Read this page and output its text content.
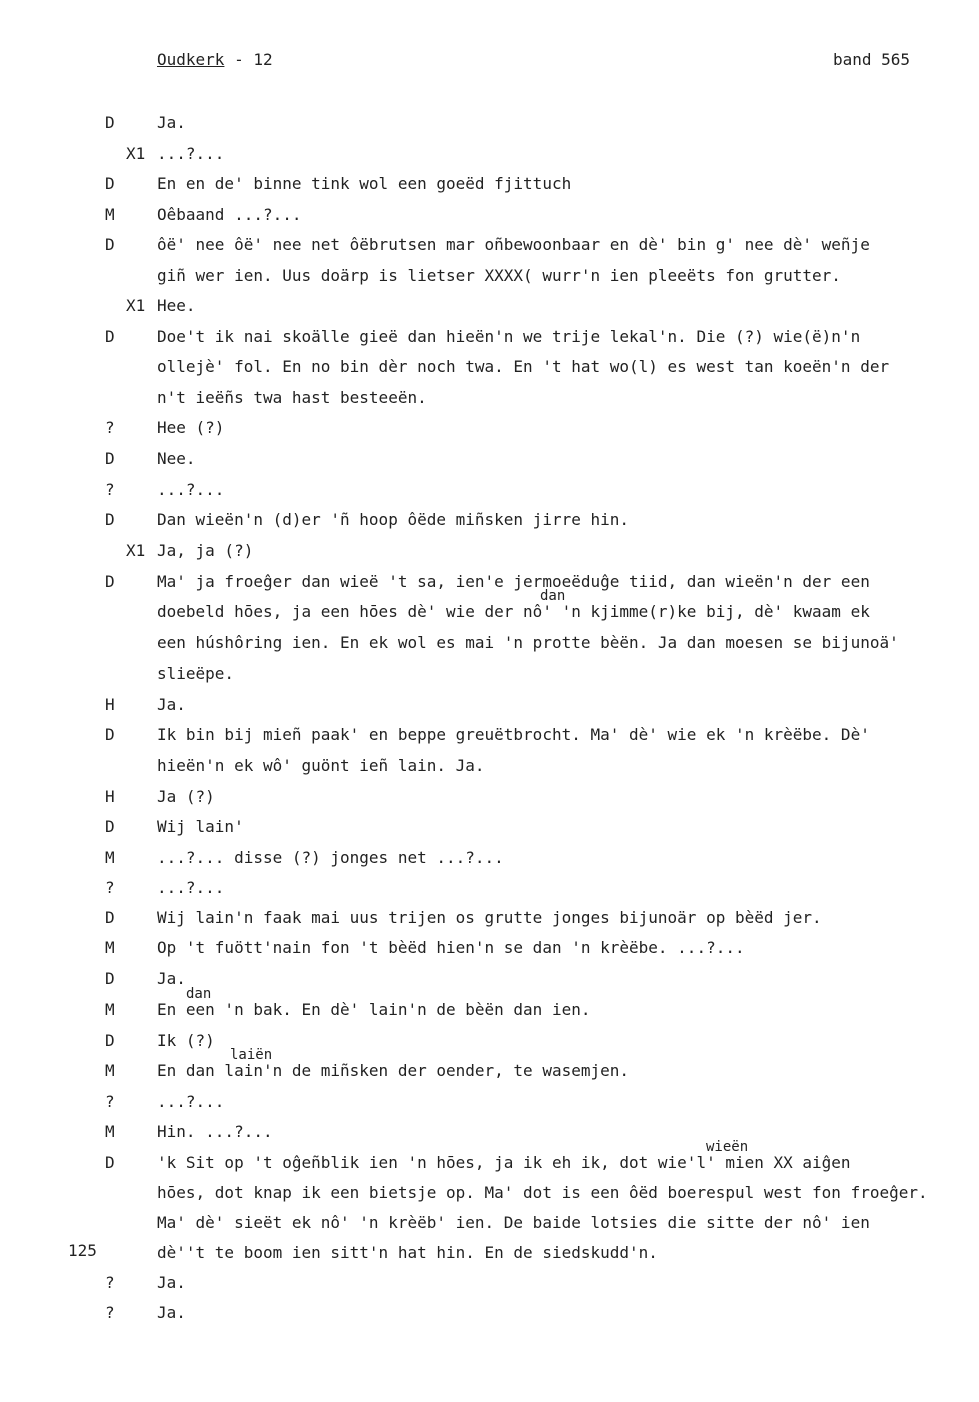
Oudkerk - 12	band 565
125
D	Ja.
X1 ...?...
D	En en de' binne tink wol een goeëd fjittuch
M	Oêbaand ...?...
D	ôë' nee ôë' nee net ôëbrutsen mar oñbewoonbaar en dè' bin g' nee dè' weñje
giñ wer ien. Uus doärp is lietser XXXX( wurr'n ien pleeëts fon grutter.
X1 Hee.
D	Doe't ik nai skoälle gieë dan hieën'n we trije lekal'n. Die (?) wie(ë)n'n
ollejè' fol. En no bin dèr noch twa. En 't hat wo(l) es west tan koeën'n der
n't ieëñs twa hast besteeën.
?	Hee (?)
D	Nee.
?	...?...
D	Dan wieën'n (d)er 'ñ hoop ôëde miñsken jirre hin.
X1 Ja, ja (?)
D	Ma' ja froeĝer dan wieë 't sa, ien'e jermoeëduĝe tiid, dan wieën'n der een
doebeld hōes, ja een hōes dè' wie der nô' 'n kjimme(r)ke bij, dè' kwaam ek
een húshôring ien. En ek wol es mai 'n protte bèën. Ja dan moesen se bijunoä'
slieëpe.
H	Ja.
D	Ik bin bij mieñ paak' en beppe greuëtbrocht. Ma' dè' wie ek 'n krèëbe. Dè'
hieën'n ek wô' guönt ieñ lain. Ja.
H	Ja (?)
D	Wij lain'
M	...?... disse (?) jonges net ...?...
?	...?...
D	Wij lain'n faak mai uus trijen os grutte jonges bijunoär op bèëd jer.
M	Op 't fuött'nain fon 't bèëd hien'n se dan 'n krèëbe. ...?...
D	Ja.
M	En een 'n bak. En dè' lain'n de bèën dan ien.
D	Ik (?)
M	En dan lain'n de miñsken der oender, te wasemjen.
?	...?...
M	Hin. ...?...
D	'k Sit op 't oĝeñblik ien 'n hōes, ja ik eh ik, dot wie'l' mien XX aiĝen
hōes, dot knap ik een bietsje op. Ma' dot is een ôëd boerespul west fon froeĝer.
Ma' dè' sieët ek nô' 'n krèëb' ien. De baide lotsies die sitte der nô' ien
dè''t te boom ien sitt'n hat hin. En de siedskudd'n.
?	Ja.
?	Ja.
dan
dan
laiën
wieën
